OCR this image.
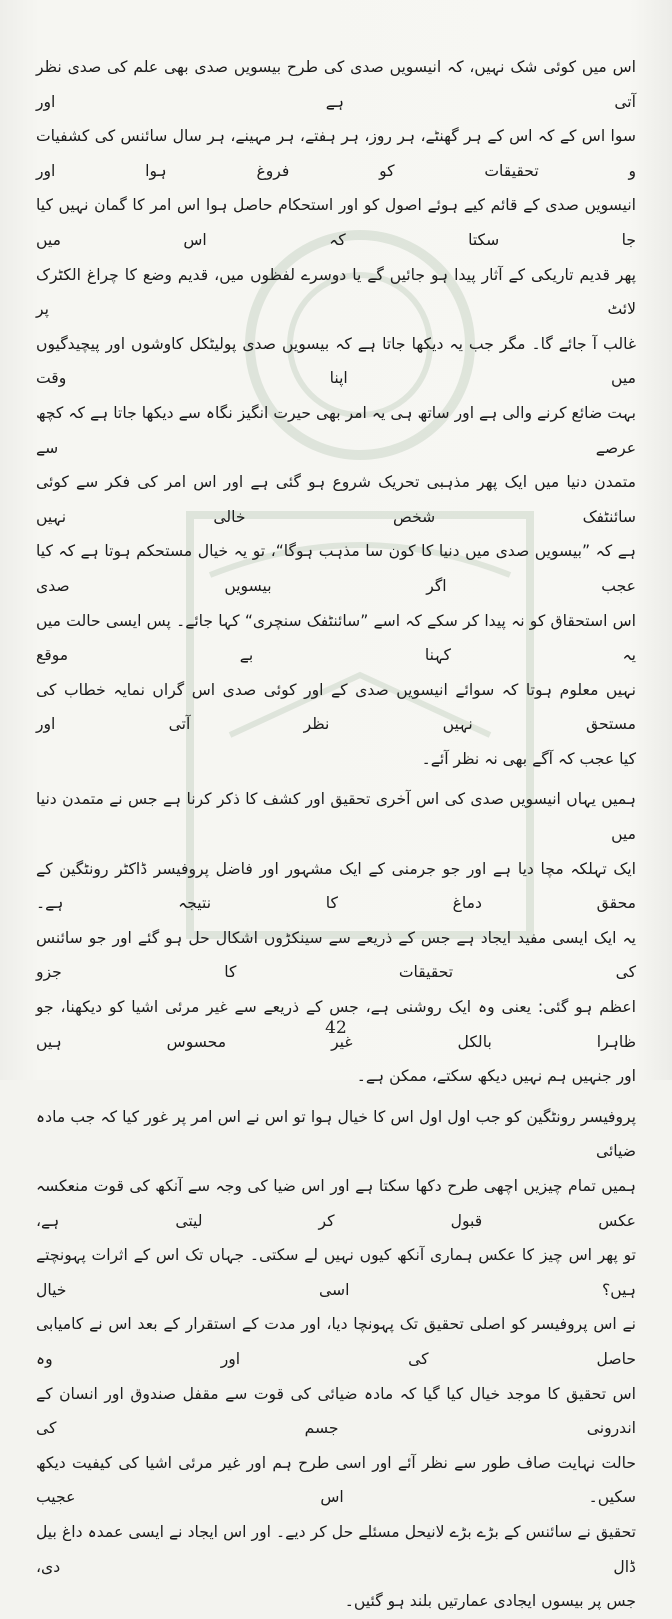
اس میں کوئی شک نہیں، کہ انیسویں صدی کی طرح بیسویں صدی بھی علم کی صدی نظر آتی ہے اور
سوا اس کے کہ اس کے ہر گھنٹے، ہر روز، ہر ہفتے، ہر مہینے، ہر سال سائنس کی کشفیات و تحقیقات کو فروغ ہوا اور
انیسویں صدی کے قائم کیے ہوئے اصول کو اور استحکام حاصل ہوا اس امر کا گمان نہیں کیا جا سکتا کہ اس میں
پھر قدیم تاریکی کے آثار پیدا ہو جائیں گے یا دوسرے لفظوں میں، قدیم وضع کا چراغ الکٹرک لائٹ پر
غالب آ جائے گا۔ مگر جب یہ دیکھا جاتا ہے کہ بیسویں صدی پولیٹکل کاوشوں اور پیچیدگیوں میں اپنا وقت
بہت ضائع کرنے والی ہے اور ساتھ ہی یہ امر بھی حیرت انگیز نگاہ سے دیکھا جاتا ہے کہ کچھ عرصے سے
متمدن دنیا میں ایک پھر مذہبی تحریک شروع ہو گئی ہے اور اس امر کی فکر سے کوئی سائنٹفک شخص خالی نہیں
ہے کہ ”بیسویں صدی میں دنیا کا کون سا مذہب ہوگا“، تو یہ خیال مستحکم ہوتا ہے کہ کیا عجب اگر بیسویں صدی
اس استحقاق کو نہ پیدا کر سکے کہ اسے ”سائنٹفک سنچری“ کہا جائے۔ پس ایسی حالت میں یہ کہنا بے موقع
نہیں معلوم ہوتا کہ سوائے انیسویں صدی کے اور کوئی صدی اس گراں نمایہ خطاب کی مستحق نہیں نظر آتی اور
کیا عجب کہ آگے بھی نہ نظر آئے۔

ہمیں یہاں انیسویں صدی کی اس آخری تحقیق اور کشف کا ذکر کرنا ہے جس نے متمدن دنیا میں
ایک تہلکہ مچا دیا ہے اور جو جرمنی کے ایک مشہور اور فاضل پروفیسر ڈاکٹر رونٹگین کے محقق دماغ کا نتیجہ ہے۔
یہ ایک ایسی مفید ایجاد ہے جس کے ذریعے سے سینکڑوں اشکال حل ہو گئے اور جو سائنس کی تحقیقات کا جزو
اعظم ہو گئی: یعنی وہ ایک روشنی ہے، جس کے ذریعے سے غیر مرئی اشیا کو دیکھنا، جو ظاہرا بالکل غیر محسوس ہیں
اور جنہیں ہم نہیں دیکھ سکتے، ممکن ہے۔

پروفیسر رونٹگین کو جب اول اول اس کا خیال ہوا تو اس نے اس امر پر غور کیا کہ جب مادہ ضیائی
ہمیں تمام چیزیں اچھی طرح دکھا سکتا ہے اور اس ضیا کی وجہ سے آنکھ کی قوت منعکسہ عکس قبول کر لیتی ہے،
تو پھر اس چیز کا عکس ہماری آنکھ کیوں نہیں لے سکتی۔ جہاں تک اس کے اثرات پہونچتے ہیں؟ اسی خیال
نے اس پروفیسر کو اصلی تحقیق تک پہونچا دیا، اور مدت کے استقرار کے بعد اس نے کامیابی حاصل کی اور وہ
اس تحقیق کا موجد خیال کیا گیا کہ مادہ ضیائی کی قوت سے مقفل صندوق اور انسان کے اندرونی جسم کی
حالت نہایت صاف طور سے نظر آئے اور اسی طرح ہم اور غیر مرئی اشیا کی کیفیت دیکھ سکیں۔ اس عجیب
تحقیق نے سائنس کے بڑے بڑے لانیحل مسئلے حل کر دیے۔ اور اس ایجاد نے ایسی عمدہ داغ بیل ڈال دی،
جس پر بیسوں ایجادی عمارتیں بلند ہو گئیں۔

42
